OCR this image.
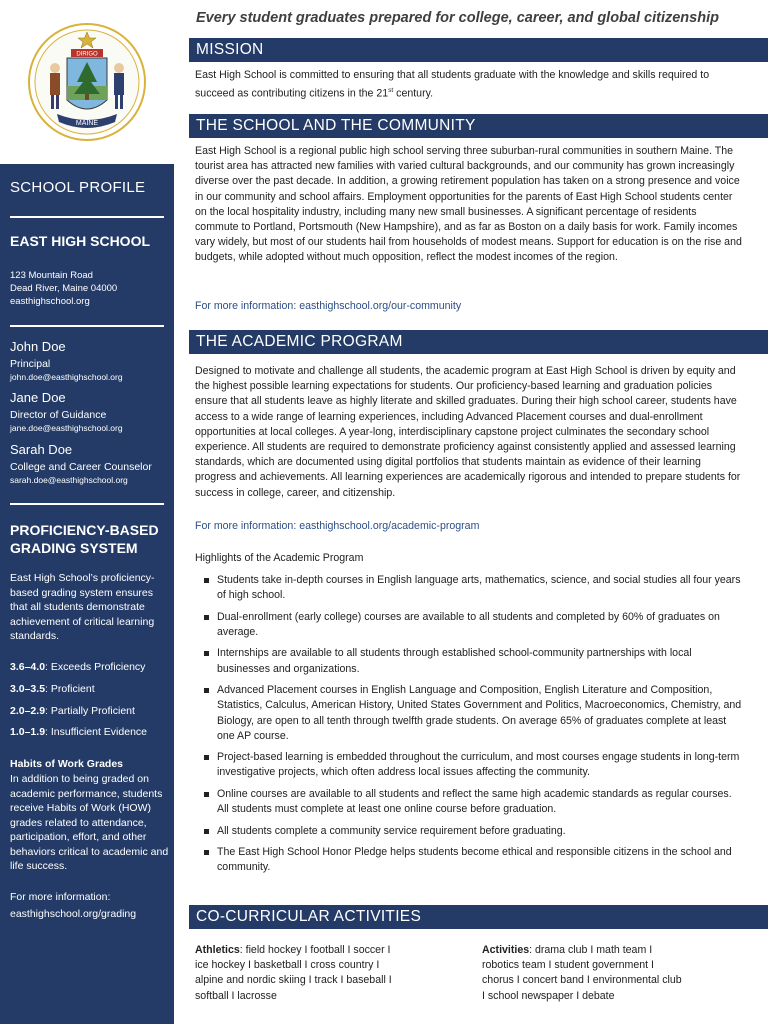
DIRIGO
MAINE
SCHOOL PROFILE
EAST HIGH SCHOOL
123 Mountain Road
Dead River, Maine 04000
easthighschool.org
John Doe
Principal
john.doe@easthighschool.org
Jane Doe
Director of Guidance
jane.doe@easthighschool.org
Sarah Doe
College and Career Counselor
sarah.doe@easthighschool.org
PROFICIENCY-BASED GRADING SYSTEM
East High School’s proficiency-based grading system ensures that all students demonstrate achievement of critical learning standards.
3.6–4.0: Exceeds Proficiency
3.0–3.5: Proficient
2.0–2.9: Partially Proficient
1.0–1.9: Insufficient Evidence
Habits of Work Grades
In addition to being graded on academic performance, students receive Habits of Work (HOW) grades related to attendance, participation, effort, and other behaviors critical to academic and life success.
For more information:
easthighschool.org/grading
Every student graduates prepared for college, career, and global citizenship
MISSION
East High School is committed to ensuring that all students graduate with the knowledge and skills required to succeed as contributing citizens in the 21st century.
THE SCHOOL AND THE COMMUNITY
East High School is a regional public high school serving three suburban-rural communities in southern Maine. The tourist area has attracted new families with varied cultural backgrounds, and our community has grown increasingly diverse over the past decade. In addition, a growing retirement population has taken on a strong presence and voice in our community and school affairs. Employment opportunities for the parents of East High School students center on the local hospitality industry, including many new small businesses. A significant percentage of residents commute to Portland, Portsmouth (New Hampshire), and as far as Boston on a daily basis for work. Family incomes vary widely, but most of our students hail from households of modest means. Support for education is on the rise and budgets, while adopted without much opposition, reflect the modest incomes of the region.
For more information: easthighschool.org/our-community
THE ACADEMIC PROGRAM
Designed to motivate and challenge all students, the academic program at East High School is driven by equity and the highest possible learning expectations for students. Our proficiency-based learning and graduation policies ensure that all students leave as highly literate and skilled graduates. During their high school career, students have access to a wide range of learning experiences, including Advanced Placement courses and dual-enrollment opportunities at local colleges. A year-long, interdisciplinary capstone project culminates the secondary school experience. All students are required to demonstrate proficiency against consistently applied and assessed learning standards, which are documented using digital portfolios that students maintain as evidence of their learning progress and achievements. All learning experiences are academically rigorous and intended to prepare students for success in college, career, and citizenship.
For more information: easthighschool.org/academic-program
Highlights of the Academic Program
Students take in-depth courses in English language arts, mathematics, science, and social studies all four years of high school.
Dual-enrollment (early college) courses are available to all students and completed by 60% of graduates on average.
Internships are available to all students through established school-community partnerships with local businesses and organizations.
Advanced Placement courses in English Language and Composition, English Literature and Composition, Statistics, Calculus, American History, United States Government and Politics, Macroeconomics, Chemistry, and Biology, are open to all tenth through twelfth grade students. On average 65% of graduates complete at least one AP course.
Project-based learning is embedded throughout the curriculum, and most courses engage students in long-term investigative projects, which often address local issues affecting the community.
Online courses are available to all students and reflect the same high academic standards as regular courses. All students must complete at least one online course before graduation.
All students complete a community service requirement before graduating.
The East High School Honor Pledge helps students become ethical and responsible citizens in the school and community.
CO-CURRICULAR ACTIVITIES
Athletics: field hockey I football I soccer I ice hockey I basketball I cross country I alpine and nordic skiing I track I baseball I softball I lacrosse
Activities: drama club I math team I robotics team I student government I chorus I concert band I environmental club I school newspaper I debate
